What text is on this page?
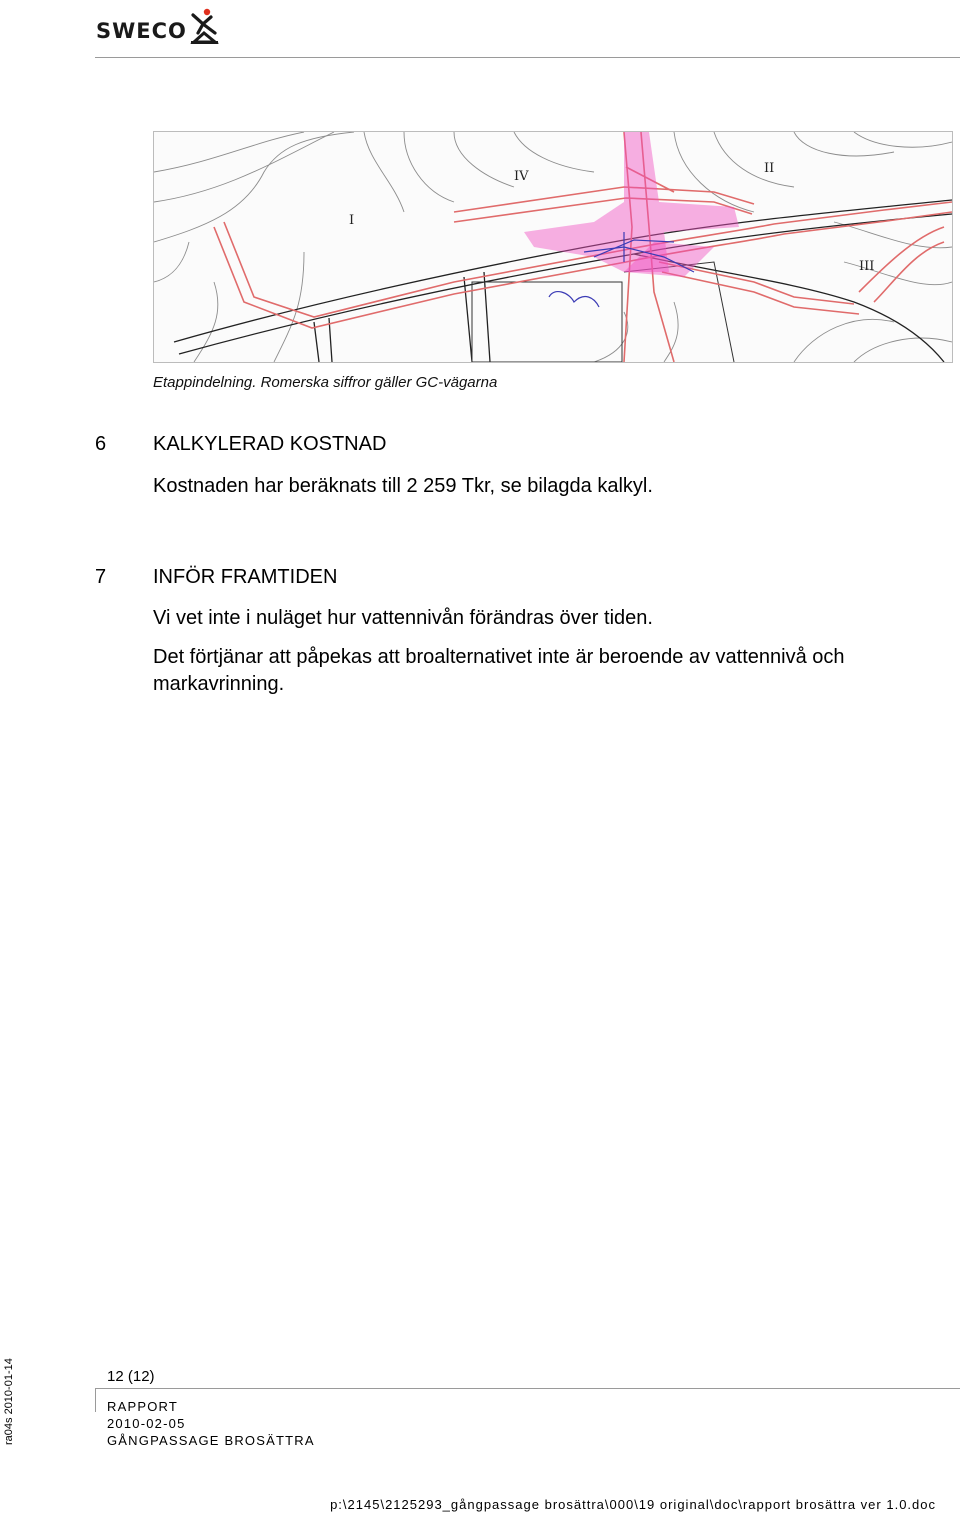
SWECO
I
II
III
IV
Etappindelning. Romerska siffror gäller GC-vägarna
6 KALKYLERAD KOSTNAD
Kostnaden har beräknats till 2 259 Tkr, se bilagda kalkyl.
7 INFÖR FRAMTIDEN
Vi vet inte i nuläget hur vattennivån förändras över tiden.
Det förtjänar att påpekas att broalternativet inte är beroende av vattennivå och
markavrinning.
12 (12)
RAPPORT
2010-02-05
GÅNGPASSAGE BROSÄTTRA
ra04s 2010-01-14
p:\2145\2125293_gångpassage brosättra\000\19 original\doc\rapport brosättra ver 1.0.doc
